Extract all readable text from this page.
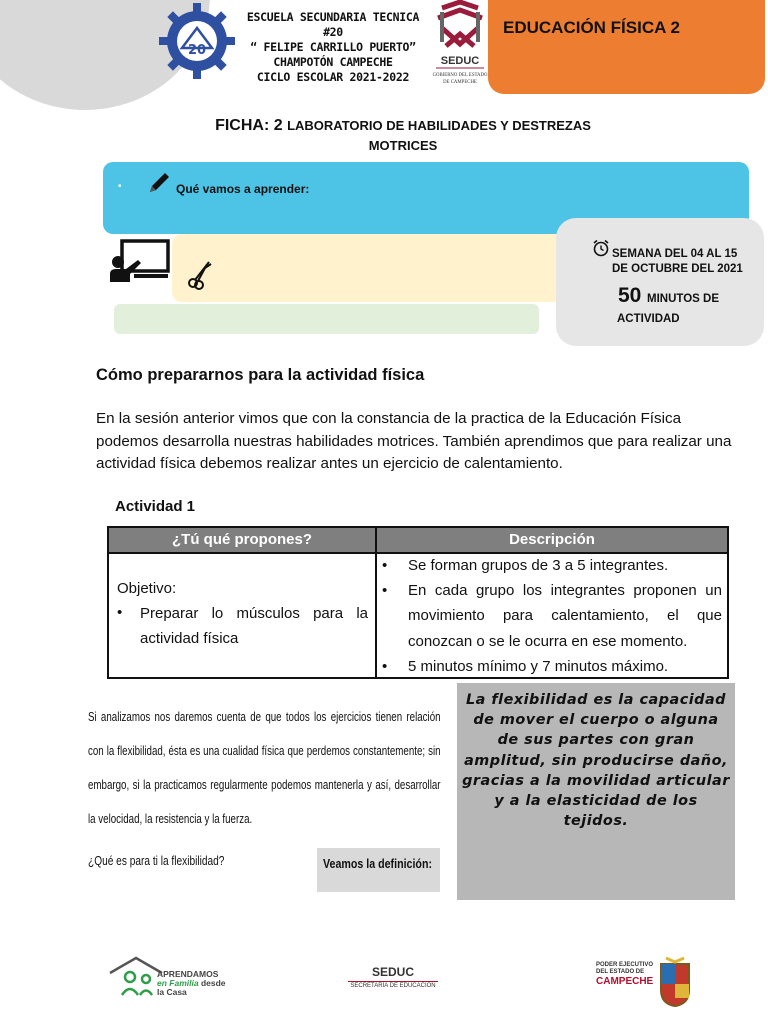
20
ESCUELA SECUNDARIA TECNICA #20
“ FELIPE CARRILLO PUERTO”
CHAMPOTÓN CAMPECHE
CICLO ESCOLAR 2021-2022
SEDUC
GOBIERNO DEL ESTADO
DE CAMPECHE
EDUCACIÓN FÍSICA 2
FICHA: 2 LABORATORIO DE HABILIDADES Y DESTREZAS
MOTRICES
•	Qué vamos a aprender:
SEMANA DEL 04 AL 15
DE OCTUBRE DEL 2021
50 MINUTOS DE
ACTIVIDAD
Cómo prepararnos para la actividad física
En la sesión anterior vimos que con la constancia de la practica de la Educación Física podemos desarrolla nuestras habilidades motrices. También aprendimos que para realizar una actividad física debemos realizar antes un ejercicio de calentamiento.
Actividad 1
¿Tú qué propones?	Descripción
Objetivo:
• Preparar lo músculos para la actividad física
•	Se forman grupos de 3 a 5 integrantes.
•	En cada grupo los integrantes proponen un movimiento para calentamiento, el que conozcan o se le ocurra en ese momento.
•	5 minutos mínimo y 7 minutos máximo.
Si analizamos nos daremos cuenta de que todos los ejercicios tienen relación con la flexibilidad, ésta es una cualidad física que perdemos constantemente; sin embargo, si la practicamos regularmente podemos mantenerla y así, desarrollar la velocidad, la resistencia y la fuerza.
¿Qué es para ti la flexibilidad?	Veamos la definición:
La flexibilidad es la capacidad de mover el cuerpo o alguna de sus partes con gran amplitud, sin producirse daño, gracias a la movilidad articular y a la elasticidad de los tejidos.
APRENDAMOS
en Familia desde
la Casa
SEDUC
SECRETARÍA DE EDUCACIÓN
PODER EJECUTIVO
DEL ESTADO DE
CAMPECHE
